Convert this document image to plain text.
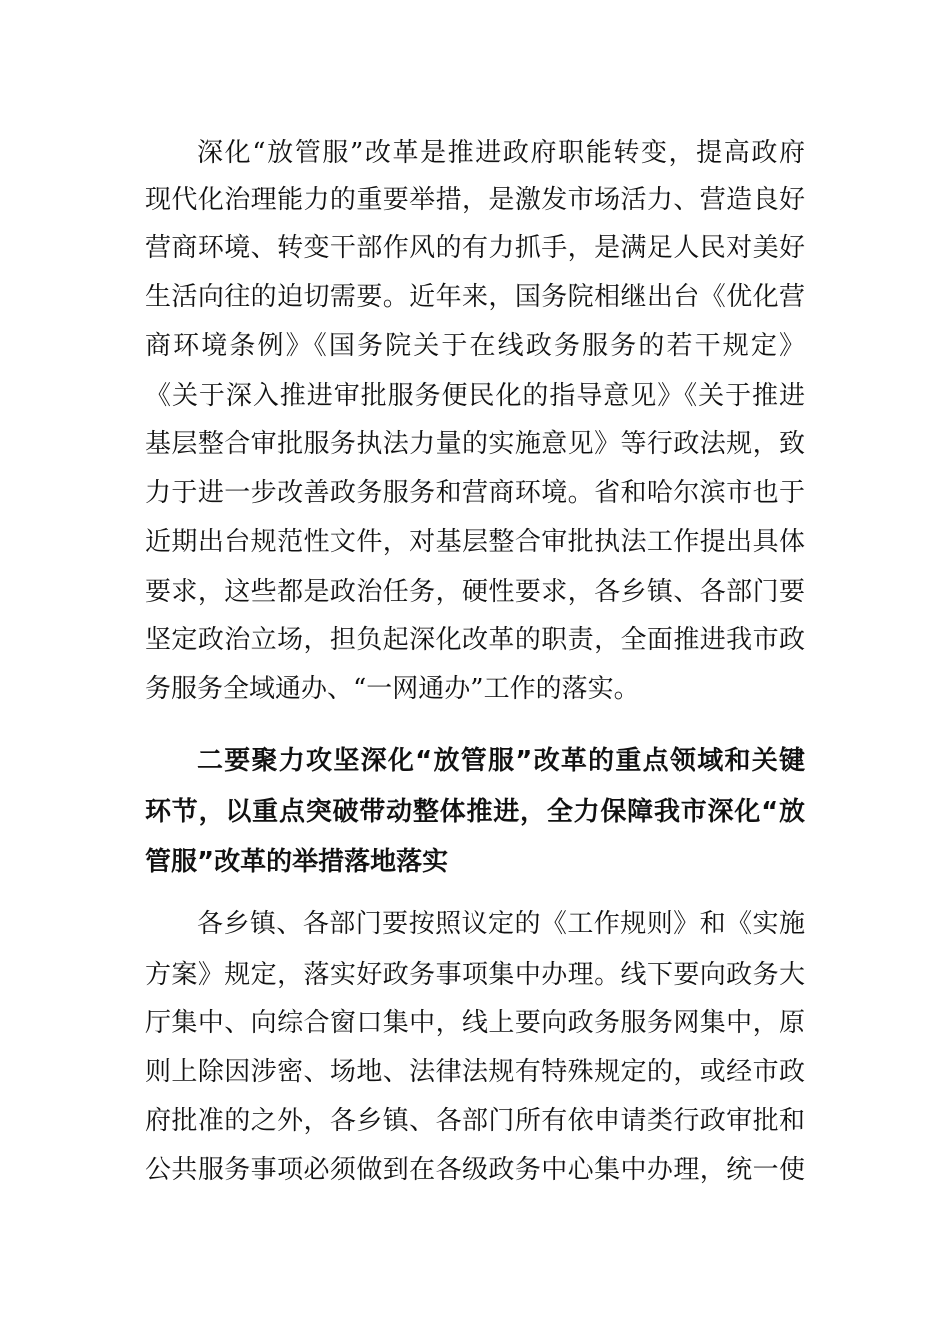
深化“放管服”改革是推进政府职能转变，提高政府
现代化治理能力的重要举措，是激发市场活力、营造良好
营商环境、转变干部作风的有力抓手，是满足人民对美好
生活向往的迫切需要。近年来，国务院相继出台《优化营
商环境条例》《国务院关于在线政务服务的若干规定》
《关于深入推进审批服务便民化的指导意见》《关于推进
基层整合审批服务执法力量的实施意见》等行政法规，致
力于进一步改善政务服务和营商环境。省和哈尔滨市也于
近期出台规范性文件，对基层整合审批执法工作提出具体
要求，这些都是政治任务，硬性要求，各乡镇、各部门要
坚定政治立场，担负起深化改革的职责，全面推进我市政
务服务全域通办、“一网通办”工作的落实。
二要聚力攻坚深化“放管服”改革的重点领域和关键
环节，以重点突破带动整体推进，全力保障我市深化“放
管服”改革的举措落地落实
各乡镇、各部门要按照议定的《工作规则》和《实施
方案》规定，落实好政务事项集中办理。线下要向政务大
厅集中、向综合窗口集中，线上要向政务服务网集中，原
则上除因涉密、场地、法律法规有特殊规定的，或经市政
府批准的之外，各乡镇、各部门所有依申请类行政审批和
公共服务事项必须做到在各级政务中心集中办理，统一使
